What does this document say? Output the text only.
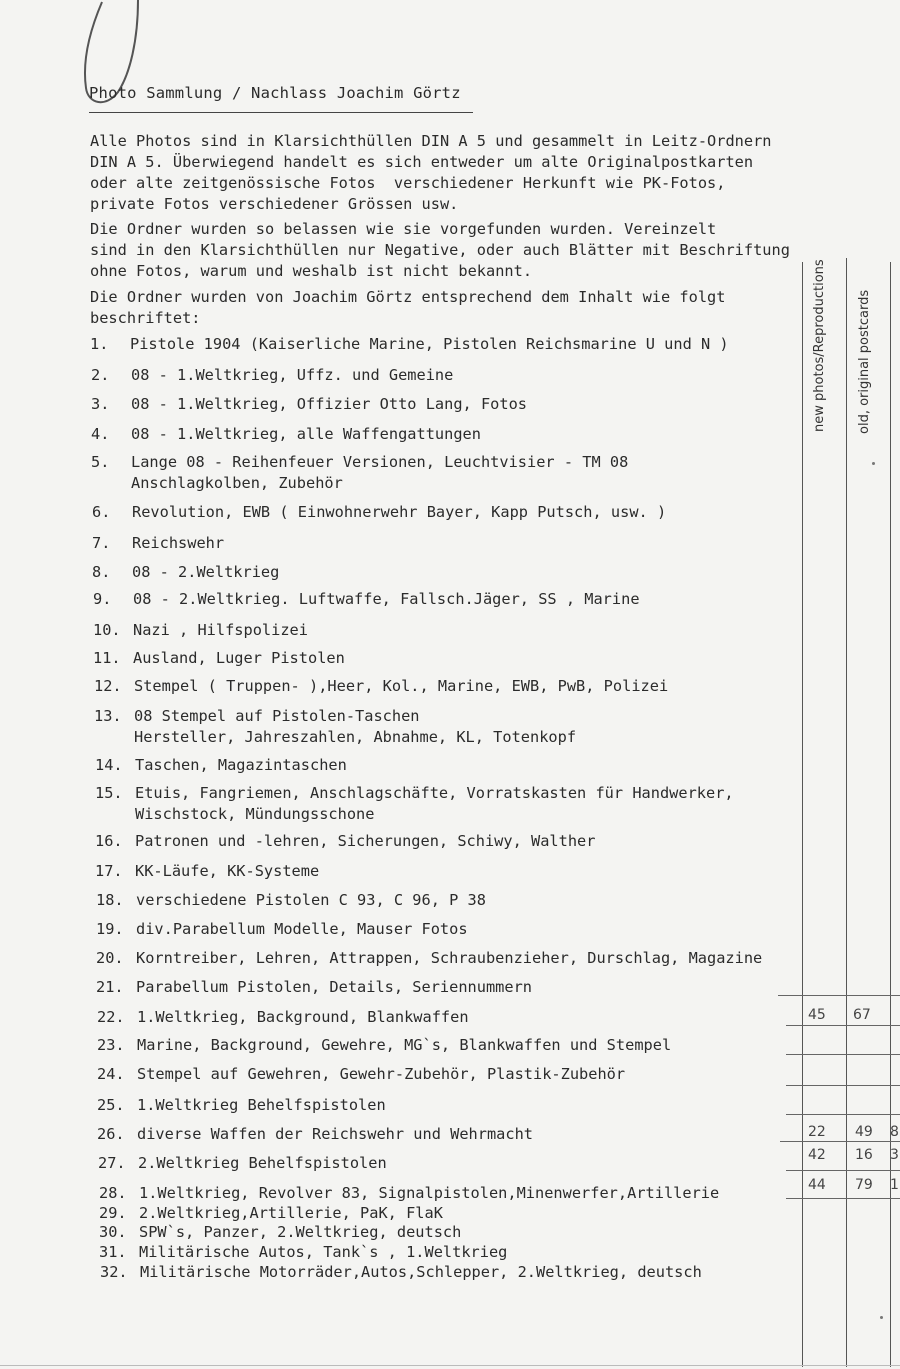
Photo Sammlung / Nachlass Joachim Görtz
Alle Photos sind in Klarsichthüllen DIN A 5 und gesammelt in Leitz-Ordnern
DIN A 5. Überwiegend handelt es sich entweder um alte Originalpostkarten
oder alte zeitgenössische Fotos  verschiedener Herkunft wie PK-Fotos,
private Fotos verschiedener Grössen usw.
Die Ordner wurden so belassen wie sie vorgefunden wurden. Vereinzelt
sind in den Klarsichthüllen nur Negative, oder auch Blätter mit Beschriftung
ohne Fotos, warum und weshalb ist nicht bekannt.
Die Ordner wurden von Joachim Görtz entsprechend dem Inhalt wie folgt
beschriftet:	new photos/Reproductions old, original postcards
1. Pistole 1904 (Kaiserliche Marine, Pistolen Reichsmarine U und N )
2. 08 - 1.Weltkrieg, Uffz. und Gemeine
3. 08 - 1.Weltkrieg, Offizier Otto Lang, Fotos
4. 08 - 1.Weltkrieg, alle Waffengattungen
5. Lange 08 - Reihenfeuer Versionen, Leuchtvisier - TM 08
Anschlagkolben, Zubehör
6. Revolution, EWB ( Einwohnerwehr Bayer, Kapp Putsch, usw. )
7. Reichswehr
8. 08 - 2.Weltkrieg
9. 08 - 2.Weltkrieg. Luftwaffe, Fallsch.Jäger, SS , Marine
10. Nazi , Hilfspolizei
11. Ausland, Luger Pistolen
12. Stempel ( Truppen- ),Heer, Kol., Marine, EWB, PwB, Polizei
13. 08 Stempel auf Pistolen-Taschen
Hersteller, Jahreszahlen, Abnahme, KL, Totenkopf
14. Taschen, Magazintaschen
15. Etuis, Fangriemen, Anschlagschäfte, Vorratskasten für Handwerker,
Wischstock, Mündungsschone
16. Patronen und -lehren, Sicherungen, Schiwy, Walther
17. KK-Läufe, KK-Systeme
18. verschiedene Pistolen C 93, C 96, P 38
19. div.Parabellum Modelle, Mauser Fotos
20. Korntreiber, Lehren, Attrappen, Schraubenzieher, Durschlag, Magazine
21. Parabellum Pistolen, Details, Seriennummern
22. 1.Weltkrieg, Background, Blankwaffen
23. Marine, Background, Gewehre, MG`s, Blankwaffen und Stempel
24. Stempel auf Gewehren, Gewehr-Zubehör, Plastik-Zubehör
25. 1.Weltkrieg Behelfspistolen
26. diverse Waffen der Reichswehr und Wehrmacht
27. 2.Weltkrieg Behelfspistolen
28. 1.Weltkrieg, Revolver 83, Signalpistolen,Minenwerfer,Artillerie
29. 2.Weltkrieg,Artillerie, PaK, FlaK
30. SPW`s, Panzer, 2.Weltkrieg, deutsch
31. Militärische Autos, Tank`s , 1.Weltkrieg
32. Militärische Motorräder,Autos,Schlepper, 2.Weltkrieg, deutsch
45 67
22 49 8
42 16 3
44 79 1
